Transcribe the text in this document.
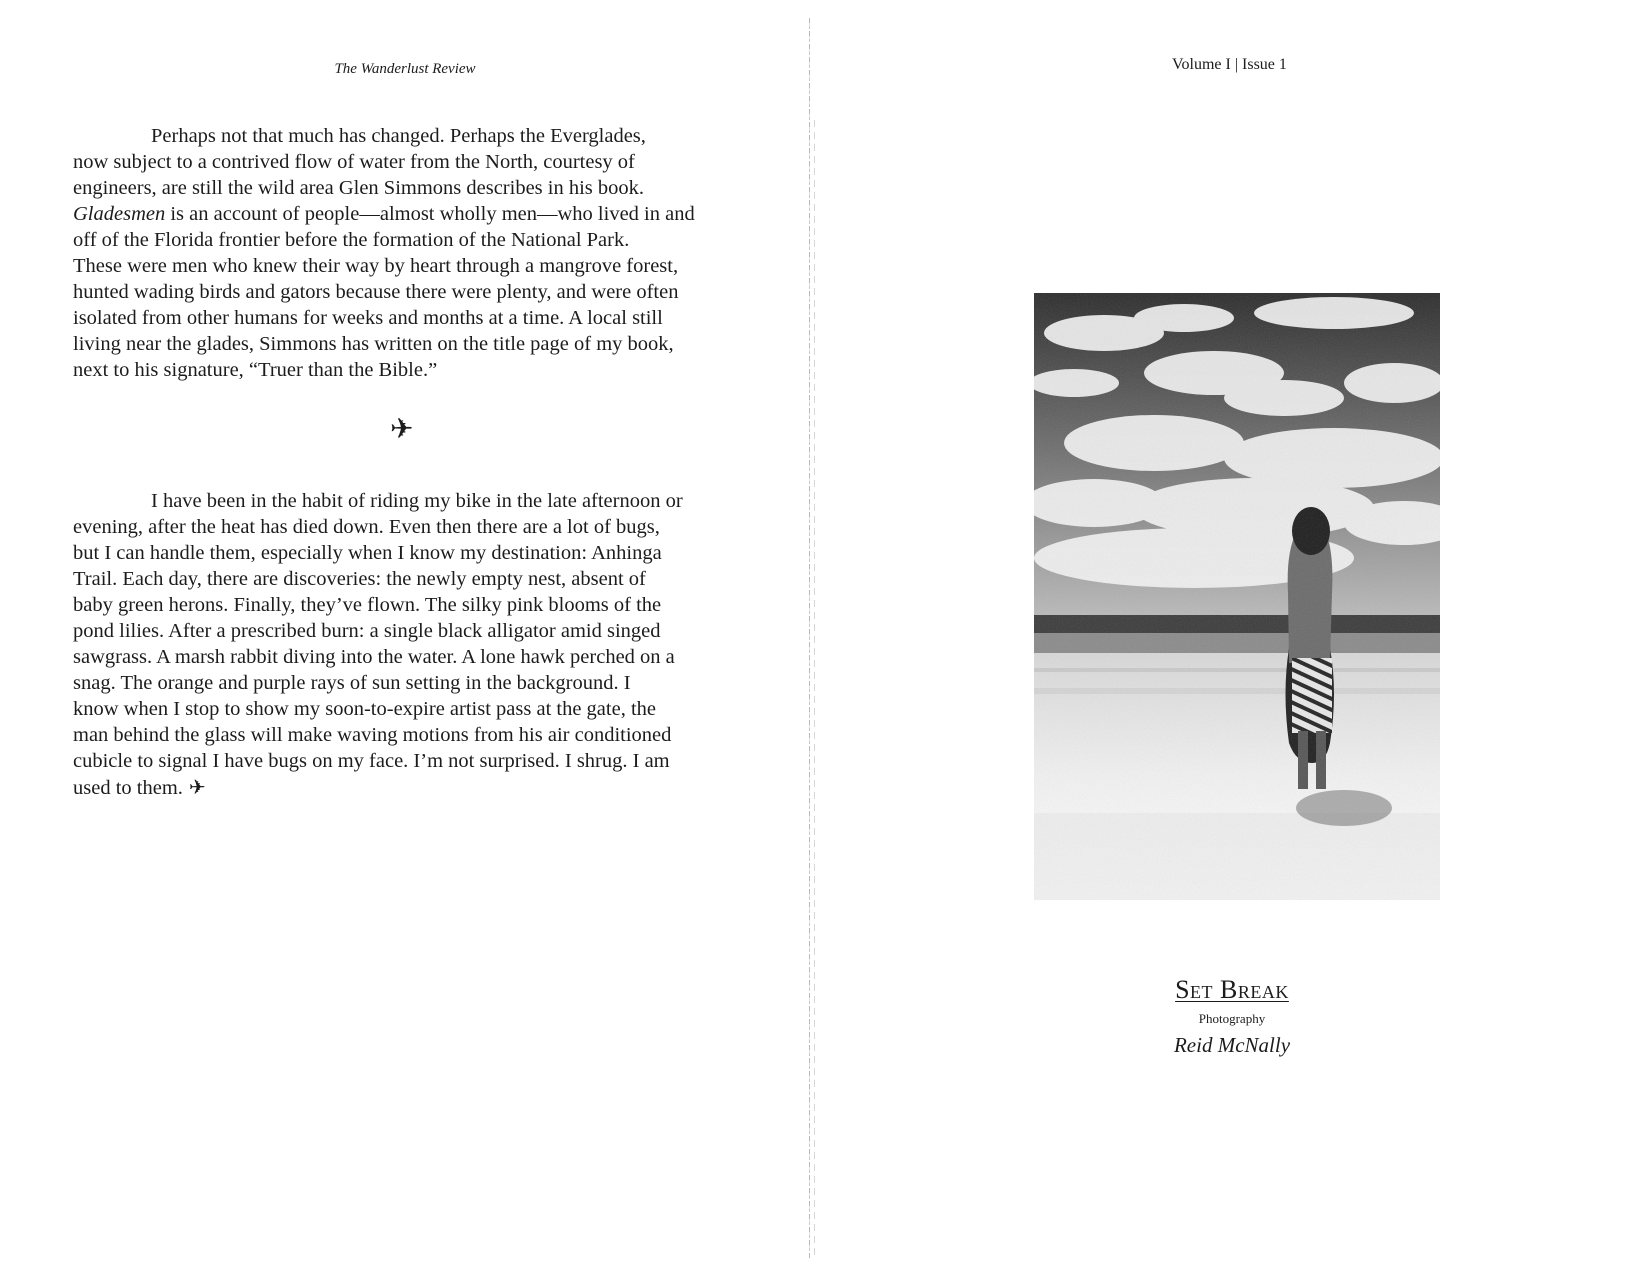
The Wanderlust Review
Perhaps not that much has changed. Perhaps the Everglades,
now subject to a contrived flow of water from the North, courtesy of
engineers, are still the wild area Glen Simmons describes in his book.
Gladesmen is an account of people—almost wholly men—who lived in and
off of the Florida frontier before the formation of the National Park.
These were men who knew their way by heart through a mangrove forest,
hunted wading birds and gators because there were plenty, and were often
isolated from other humans for weeks and months at a time. A local still
living near the glades, Simmons has written on the title page of my book,
next to his signature, “Truer than the Bible.”
✈
I have been in the habit of riding my bike in the late afternoon or
evening, after the heat has died down. Even then there are a lot of bugs,
but I can handle them, especially when I know my destination: Anhinga
Trail. Each day, there are discoveries: the newly empty nest, absent of
baby green herons. Finally, they’ve flown. The silky pink blooms of the
pond lilies. After a prescribed burn: a single black alligator amid singed
sawgrass. A marsh rabbit diving into the water. A lone hawk perched on a
snag. The orange and purple rays of sun setting in the background. I
know when I stop to show my soon-to-expire artist pass at the gate, the
man behind the glass will make waving motions from his air conditioned
cubicle to signal I have bugs on my face. I’m not surprised. I shrug. I am
used to them. ✈
Volume I | Issue 1
Set Break
Photography
Reid McNally
